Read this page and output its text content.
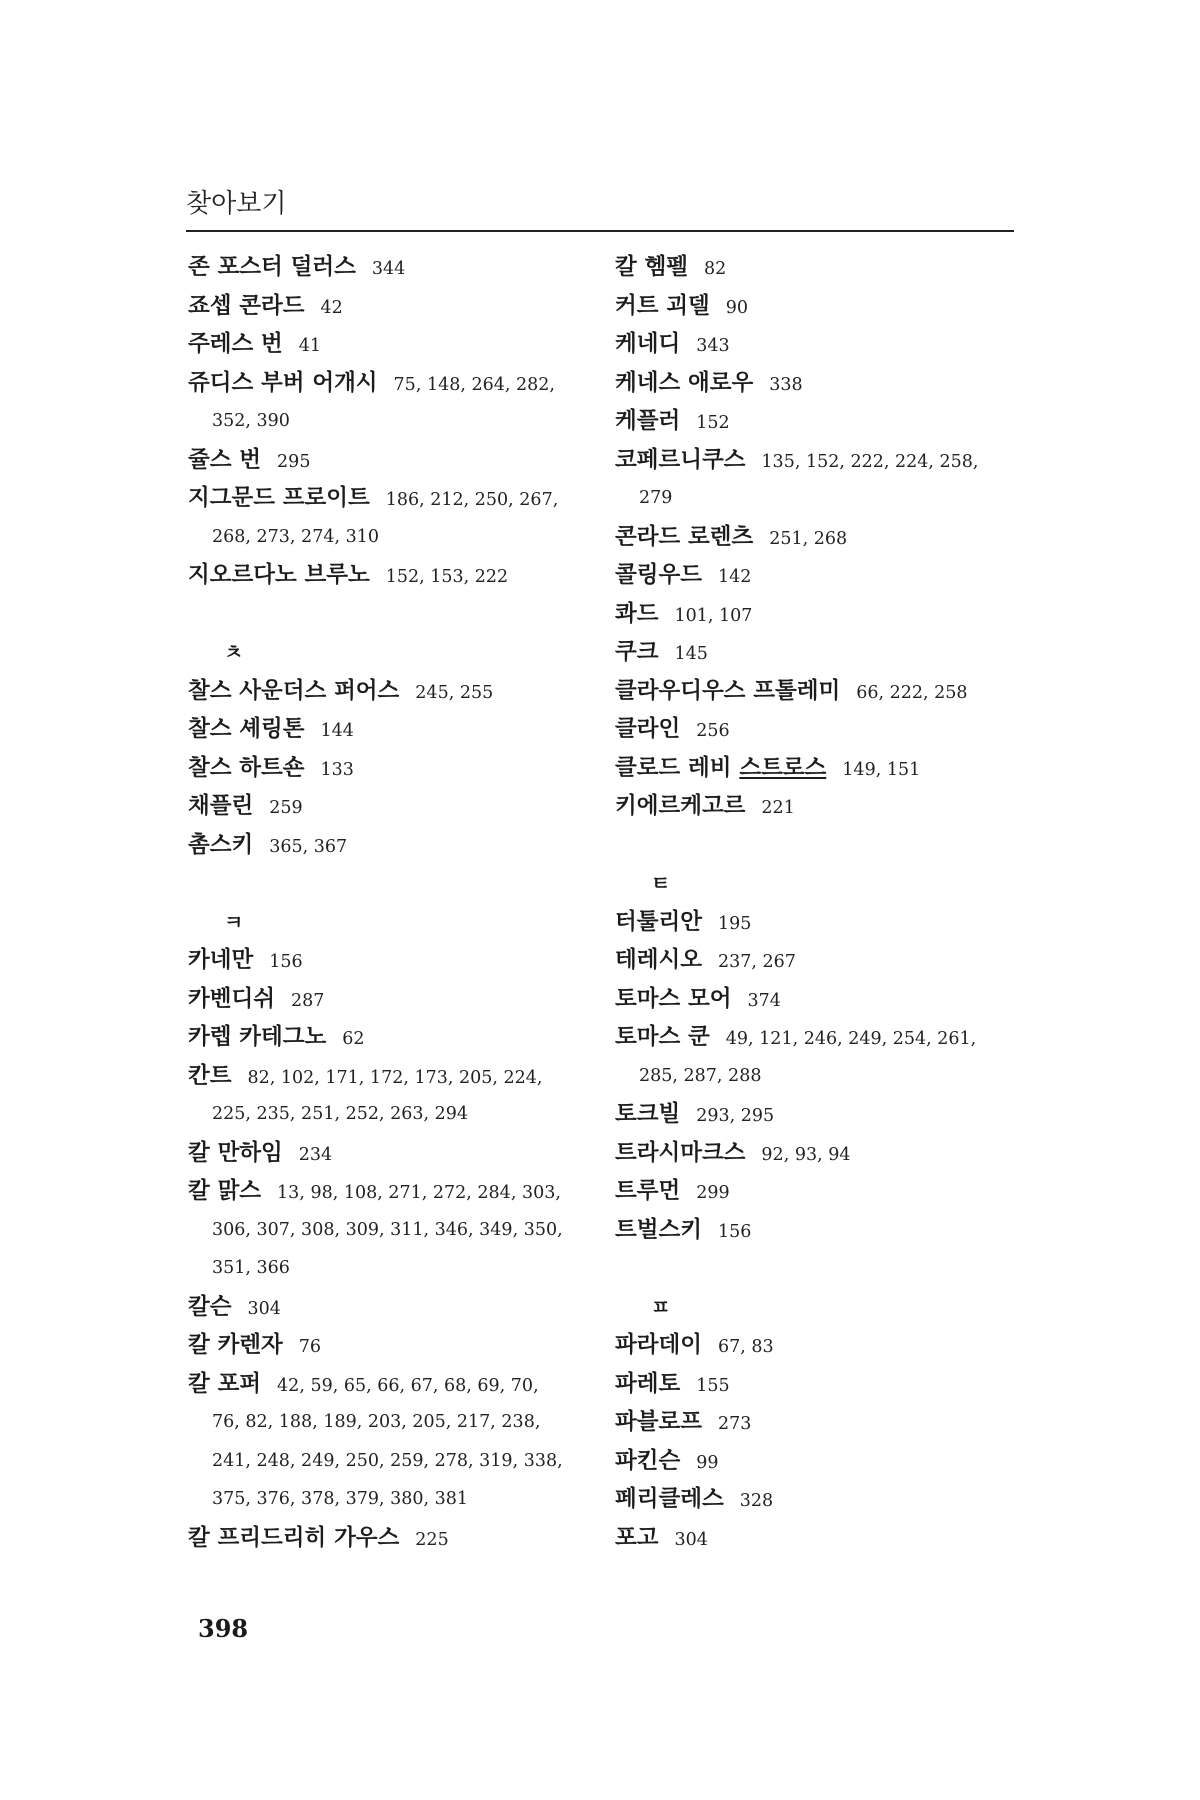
찾아보기
존 포스터 덜러스 344
죠셉 콘라드 42
주레스 번 41
쥬디스 부버 어개시 75, 148, 264, 282,
352, 390
쥴스 번 295
지그문드 프로이트 186, 212, 250, 267,
268, 273, 274, 310
지오르다노 브루노 152, 153, 222
ㅊ
찰스 사운더스 퍼어스 245, 255
찰스 셰링톤 144
찰스 하트숀 133
채플린 259
촘스키 365, 367
ㅋ
카네만 156
카벤디쉬 287
카렙 카테그노 62
칸트 82, 102, 171, 172, 173, 205, 224,
225, 235, 251, 252, 263, 294
칼 만하임 234
칼 맑스 13, 98, 108, 271, 272, 284, 303,
306, 307, 308, 309, 311, 346, 349, 350,
351, 366
칼슨 304
칼 카렌자 76
칼 포퍼 42, 59, 65, 66, 67, 68, 69, 70,
76, 82, 188, 189, 203, 205, 217, 238,
241, 248, 249, 250, 259, 278, 319, 338,
375, 376, 378, 379, 380, 381
칼 프리드리히 가우스 225
칼 헴펠 82
커트 괴델 90
케네디 343
케네스 애로우 338
케플러 152
코페르니쿠스 135, 152, 222, 224, 258,
279
콘라드 로렌츠 251, 268
콜링우드 142
콰드 101, 107
쿠크 145
클라우디우스 프톨레미 66, 222, 258
클라인 256
클로드 레비 스트로스 149, 151
키에르케고르 221
ㅌ
터툴리안 195
테레시오 237, 267
토마스 모어 374
토마스 쿤 49, 121, 246, 249, 254, 261,
285, 287, 288
토크빌 293, 295
트라시마크스 92, 93, 94
트루먼 299
트벌스키 156
ㅍ
파라데이 67, 83
파레토 155
파블로프 273
파킨슨 99
페리클레스 328
포고 304
398
